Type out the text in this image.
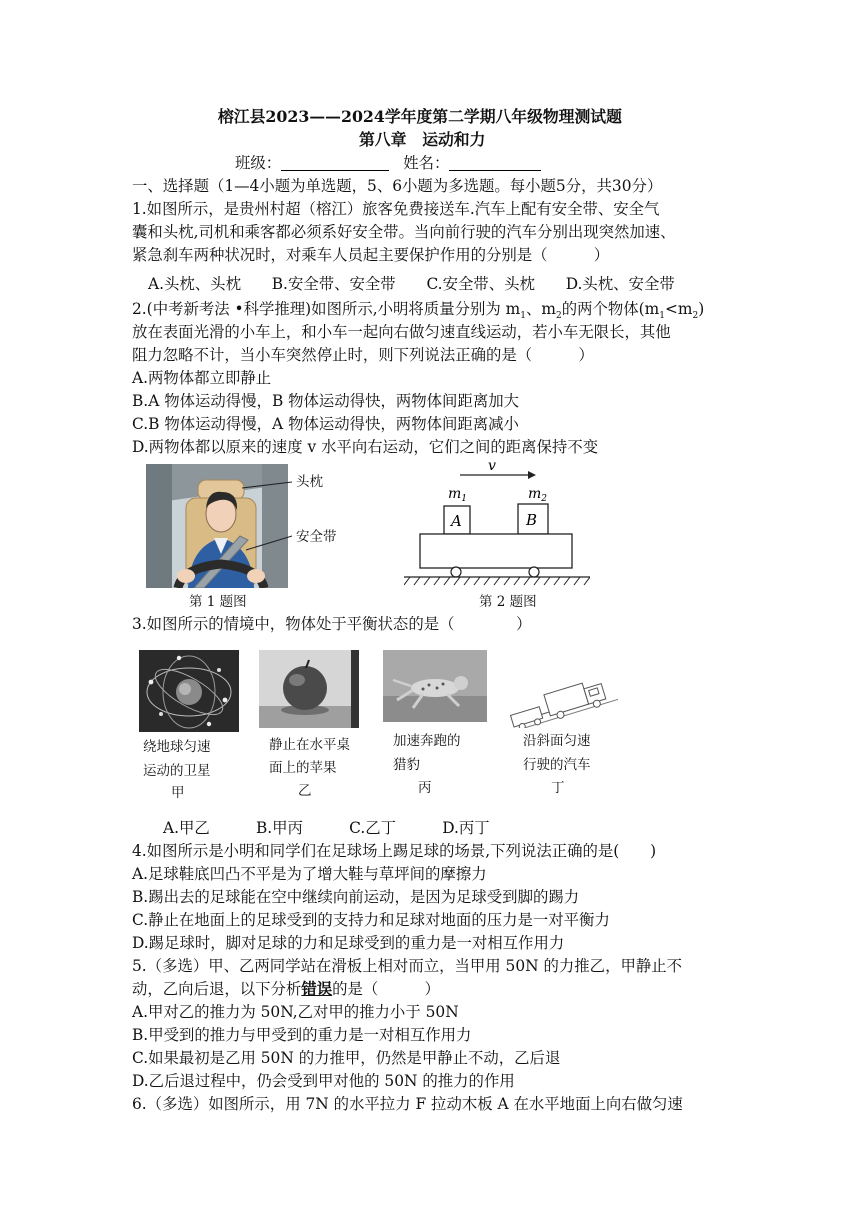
榕江县2023——2024学年度第二学期八年级物理测试题
第八章　运动和力
班级：	姓名：
一、选择题（1—4小题为单选题，5、6小题为多选题。每小题5分，共30分）
1.如图所示，是贵州村超（榕江）旅客免费接送车.汽车上配有安全带、安全气
囊和头枕,司机和乘客都必须系好安全带。当向前行驶的汽车分别出现突然加速、
紧急刹车两种状况时，对乘车人员起主要保护作用的分别是（　　　）
A.头枕、头枕　　B.安全带、安全带　　C.安全带、头枕　　D.头枕、安全带
2.(中考新考法 •科学推理)如图所示,小明将质量分别为 $m_1$、$m_2$的两个物体$(m_1<m_2)$
放在表面光滑的小车上，和小车一起向右做匀速直线运动，若小车无限长，其他
阻力忽略不计，当小车突然停止时，则下列说法正确的是（　　　）
A.两物体都立即静止
B.A 物体运动得慢，B 物体运动得快，两物体间距离加大
C.B 物体运动得慢，A 物体运动得快，两物体间距离减小
D.两物体都以原来的速度 v 水平向右运动，它们之间的距离保持不变
头枕
安全带
第 1 题图
v
$m_1$	$m_2$
A	B
第 2 题图
3.如图所示的情境中，物体处于平衡状态的是（　　　　）
绕地球匀速
运动的卫星
甲
静止在水平桌
面上的苹果
乙
加速奔跑的
猎豹
丙
沿斜面匀速
行驶的汽车
丁
A.甲乙　　　B.甲丙　　　C.乙丁　　　D.丙丁
4.如图所示是小明和同学们在足球场上踢足球的场景,下列说法正确的是(　　)
A.足球鞋底凹凸不平是为了增大鞋与草坪间的摩擦力
B.踢出去的足球能在空中继续向前运动，是因为足球受到脚的踢力
C.静止在地面上的足球受到的支持力和足球对地面的压力是一对平衡力
D.踢足球时，脚对足球的力和足球受到的重力是一对相互作用力
5.（多选）甲、乙两同学站在滑板上相对而立，当甲用 50N 的力推乙，甲静止不
动，乙向后退，以下分析错误的是（　　　）
A.甲对乙的推力为 50N,乙对甲的推力小于 50N
B.甲受到的推力与甲受到的重力是一对相互作用力
C.如果最初是乙用 50N 的力推甲，仍然是甲静止不动，乙后退
D.乙后退过程中，仍会受到甲对他的 50N 的推力的作用
6.（多选）如图所示，用 7N 的水平拉力 F 拉动木板 A 在水平地面上向右做匀速
